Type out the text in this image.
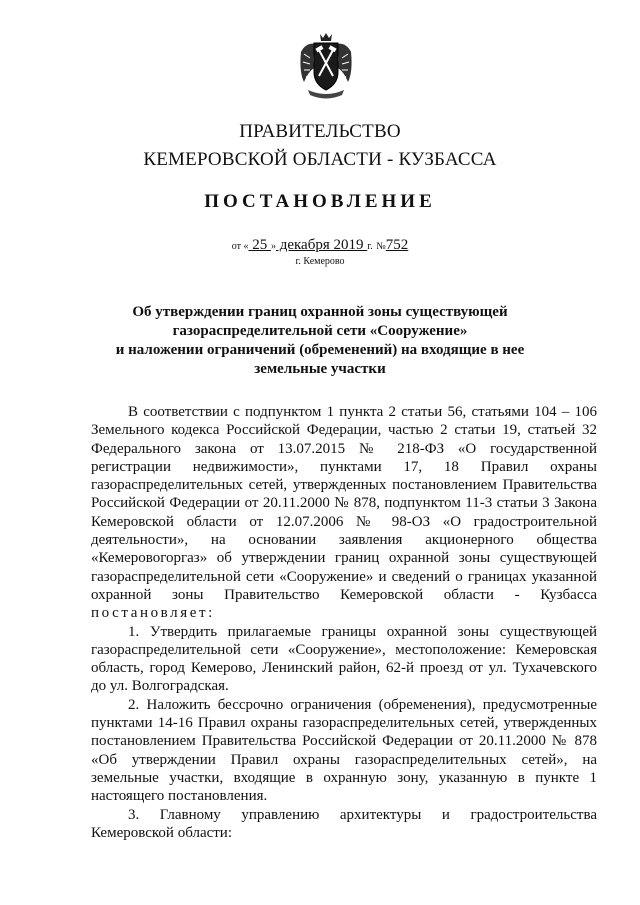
ПРАВИТЕЛЬСТВО
КЕМЕРОВСКОЙ ОБЛАСТИ - КУЗБАССА
ПОСТАНОВЛЕНИЕ
от « 25 » декабря 2019 г. №752
г. Кемерово
Об утверждении границ охранной зоны существующей
газораспределительной сети «Сооружение»
и наложении ограничений (обременений) на входящие в нее
земельные участки

В соответствии с подпунктом 1 пункта 2 статьи 56, статьями 104 – 106 Земельного кодекса Российской Федерации, частью 2 статьи 19, статьей 32 Федерального закона от 13.07.2015 № 218-ФЗ «О государственной регистрации недвижимости», пунктами 17, 18 Правил охраны газораспределительных сетей, утвержденных постановлением Правительства Российской Федерации от 20.11.2000 № 878, подпунктом 11-3 статьи 3 Закона Кемеровской области от 12.07.2006 № 98-ОЗ «О градостроительной деятельности», на основании заявления акционерного общества «Кемеровогоргаз» об утверждении границ охранной зоны существующей газораспределительной сети «Сооружение» и сведений о границах указанной охранной зоны Правительство Кемеровской области - Кузбасса

постановляет:

1. Утвердить прилагаемые границы охранной зоны существующей газораспределительной сети «Сооружение», местоположение: Кемеровская область, город Кемерово, Ленинский район, 62-й проезд от ул. Тухачевского до ул. Волгоградская.

2. Наложить бессрочно ограничения (обременения), предусмотренные пунктами 14-16 Правил охраны газораспределительных сетей, утвержденных постановлением Правительства Российской Федерации от 20.11.2000 № 878 «Об утверждении Правил охраны газораспределительных сетей», на земельные участки, входящие в охранную зону, указанную в пункте 1 настоящего постановления.

3. Главному управлению архитектуры и градостроительства Кемеровской области:
